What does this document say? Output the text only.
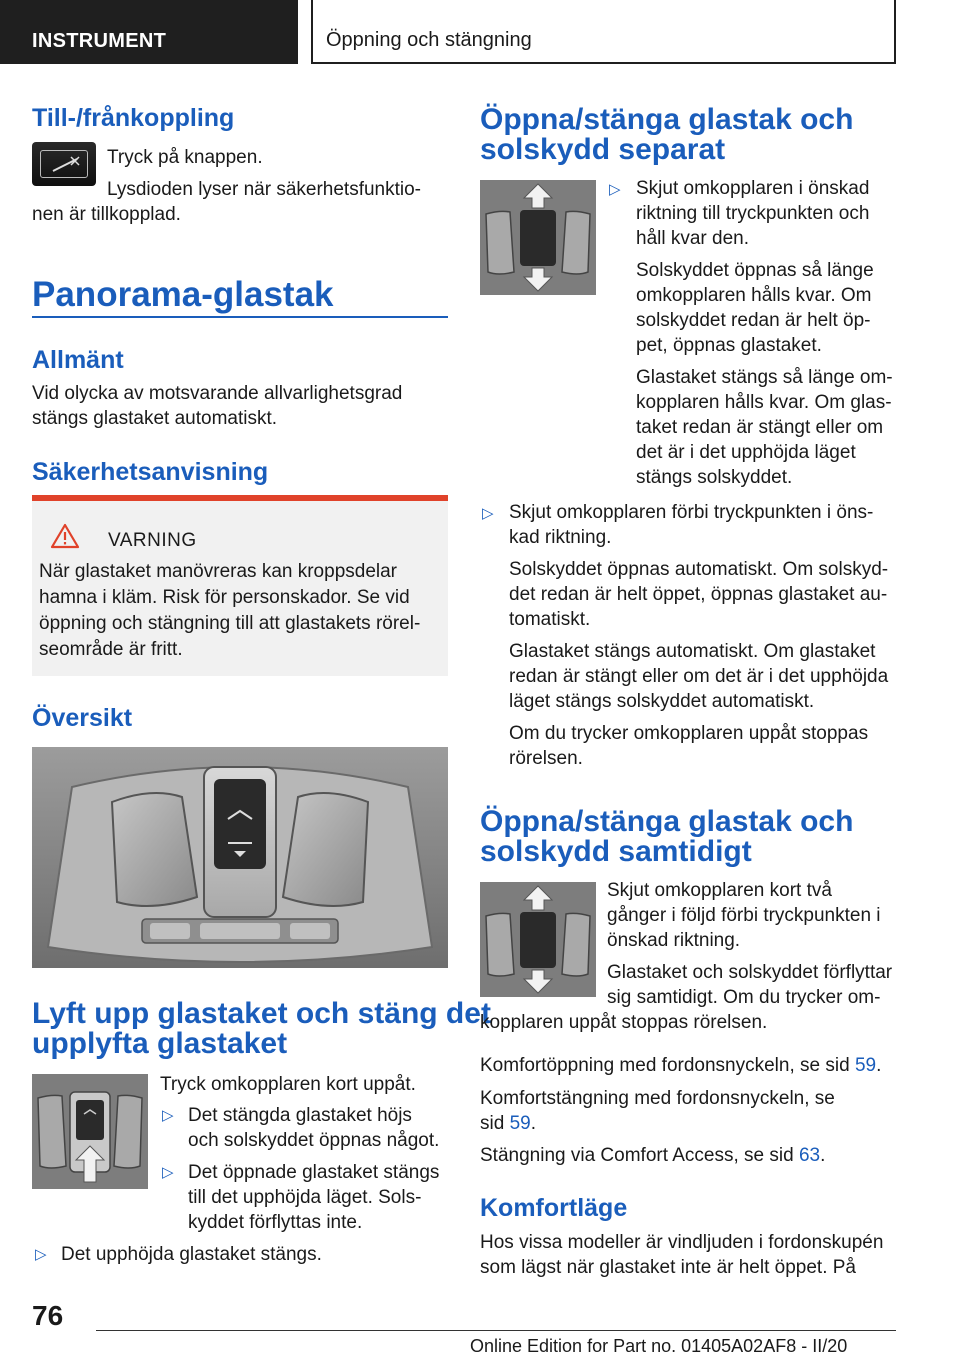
INSTRUMENT	Öppning och stängning
Till-/frånkoppling
Tryck på knappen.
Lysdioden lyser när säkerhetsfunktio-
nen är tillkopplad.
Panorama-glastak
Allmänt
Vid olycka av motsvarande allvarlighetsgrad
stängs glastaket automatiskt.
Säkerhetsanvisning
VARNING
När glastaket manövreras kan kroppsdelar
hamna i kläm. Risk för personskador. Se vid
öppning och stängning till att glastakets rörel-
seområde är fritt.
Översikt
Lyft upp glastaket och stäng det
upplyfta glastaket
Tryck omkopplaren kort uppåt.
▷ Det stängda glastaket höjs
och solskyddet öppnas något.
▷ Det öppnade glastaket stängs
till det upphöjda läget. Sols-
kyddet förflyttas inte.
▷ Det upphöjda glastaket stängs.
Öppna/stänga glastak och
solskydd separat
▷ Skjut omkopplaren i önskad
riktning till tryckpunkten och
håll kvar den.
Solskyddet öppnas så länge
omkopplaren hålls kvar. Om
solskyddet redan är helt öp-
pet, öppnas glastaket.
Glastaket stängs så länge om-
kopplaren hålls kvar. Om glas-
taket redan är stängt eller om
det är i det upphöjda läget
stängs solskyddet.
▷ Skjut omkopplaren förbi tryckpunkten i öns-
kad riktning.
Solskyddet öppnas automatiskt. Om solskyd-
det redan är helt öppet, öppnas glastaket au-
tomatiskt.
Glastaket stängs automatiskt. Om glastaket
redan är stängt eller om det är i det upphöjda
läget stängs solskyddet automatiskt.
Om du trycker omkopplaren uppåt stoppas
rörelsen.
Öppna/stänga glastak och
solskydd samtidigt
Skjut omkopplaren kort två
gånger i följd förbi tryckpunkten i
önskad riktning.
Glastaket och solskyddet förflyttar
sig samtidigt. Om du trycker om-
kopplaren uppåt stoppas rörelsen.
Komfortöppning med fordonsnyckeln, se sid 59.
Komfortstängning med fordonsnyckeln, se
sid 59.
Stängning via Comfort Access, se sid 63.
Komfortläge
Hos vissa modeller är vindljuden i fordonskupén
som lägst när glastaket inte är helt öppet. På
76
Online Edition for Part no. 01405A02AF8 - II/20
